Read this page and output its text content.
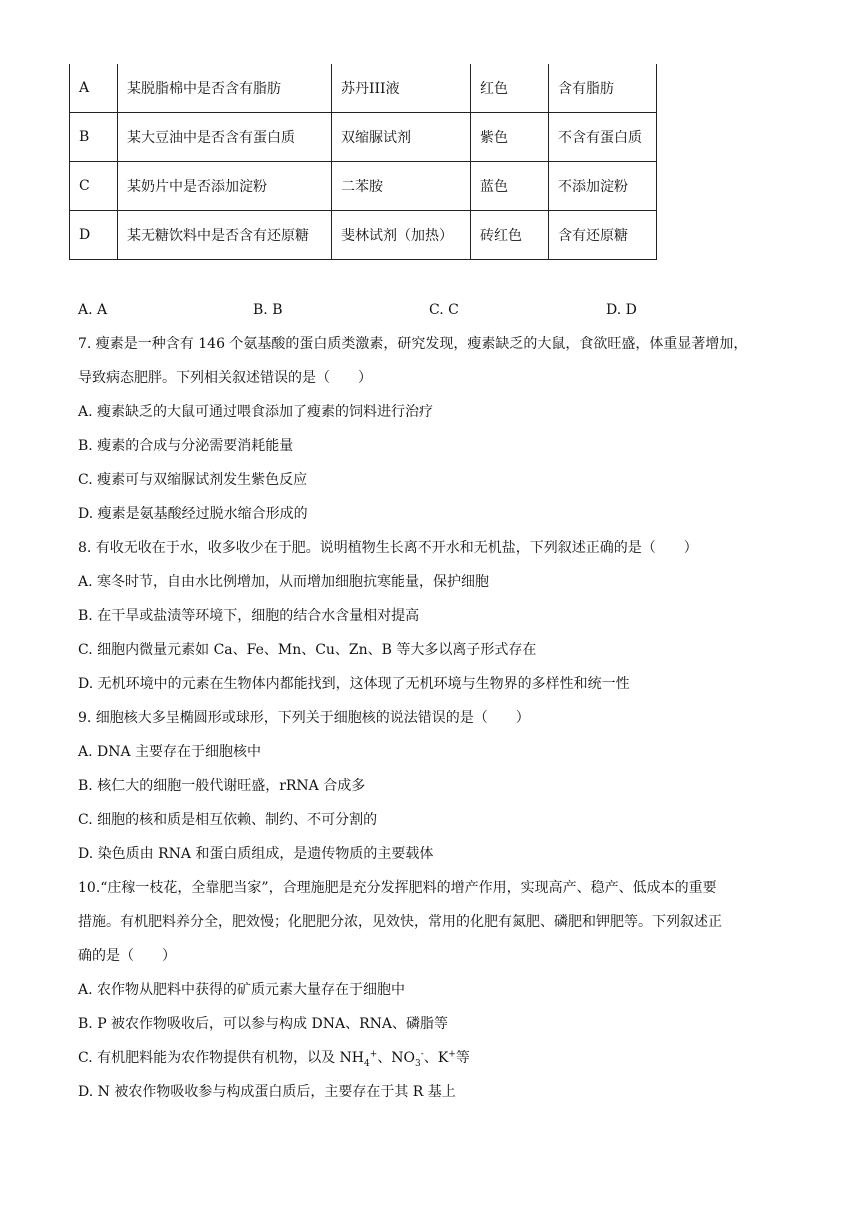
A	某脱脂棉中是否含有脂肪	苏丹III液	红色	含有脂肪
B	某大豆油中是否含有蛋白质	双缩脲试剂	紫色	不含有蛋白质
C	某奶片中是否添加淀粉	二苯胺	蓝色	不添加淀粉
D	某无糖饮料中是否含有还原糖	斐林试剂（加热）	砖红色	含有还原糖
A. A	B. B	C. C	D. D
7. 瘦素是一种含有 146 个氨基酸的蛋白质类激素，研究发现，瘦素缺乏的大鼠，食欲旺盛，体重显著增加，
导致病态肥胖。下列相关叙述错误的是（　　）
A. 瘦素缺乏的大鼠可通过喂食添加了瘦素的饲料进行治疗
B. 瘦素的合成与分泌需要消耗能量
C. 瘦素可与双缩脲试剂发生紫色反应
D. 瘦素是氨基酸经过脱水缩合形成的
8. 有收无收在于水，收多收少在于肥。说明植物生长离不开水和无机盐，下列叙述正确的是（　　）
A. 寒冬时节，自由水比例增加，从而增加细胞抗寒能量，保护细胞
B. 在干旱或盐渍等环境下，细胞的结合水含量相对提高
C. 细胞内微量元素如 Ca、Fe、Mn、Cu、Zn、B 等大多以离子形式存在
D. 无机环境中的元素在生物体内都能找到，这体现了无机环境与生物界的多样性和统一性
9. 细胞核大多呈椭圆形或球形，下列关于细胞核的说法错误的是（　　）
A. DNA 主要存在于细胞核中
B. 核仁大的细胞一般代谢旺盛，rRNA 合成多
C. 细胞的核和质是相互依赖、制约、不可分割的
D. 染色质由 RNA 和蛋白质组成，是遗传物质的主要载体
10.“庄稼一枝花，全靠肥当家”，合理施肥是充分发挥肥料的增产作用，实现高产、稳产、低成本的重要
措施。有机肥料养分全，肥效慢；化肥肥分浓，见效快，常用的化肥有氮肥、磷肥和钾肥等。下列叙述正
确的是（　　）
A. 农作物从肥料中获得的矿质元素大量存在于细胞中
B. P 被农作物吸收后，可以参与构成 DNA、RNA、磷脂等
C. 有机肥料能为农作物提供有机物，以及 $NH_4^+$、$NO_3^-$、K+等
D. N 被农作物吸收参与构成蛋白质后，主要存在于其 R 基上
